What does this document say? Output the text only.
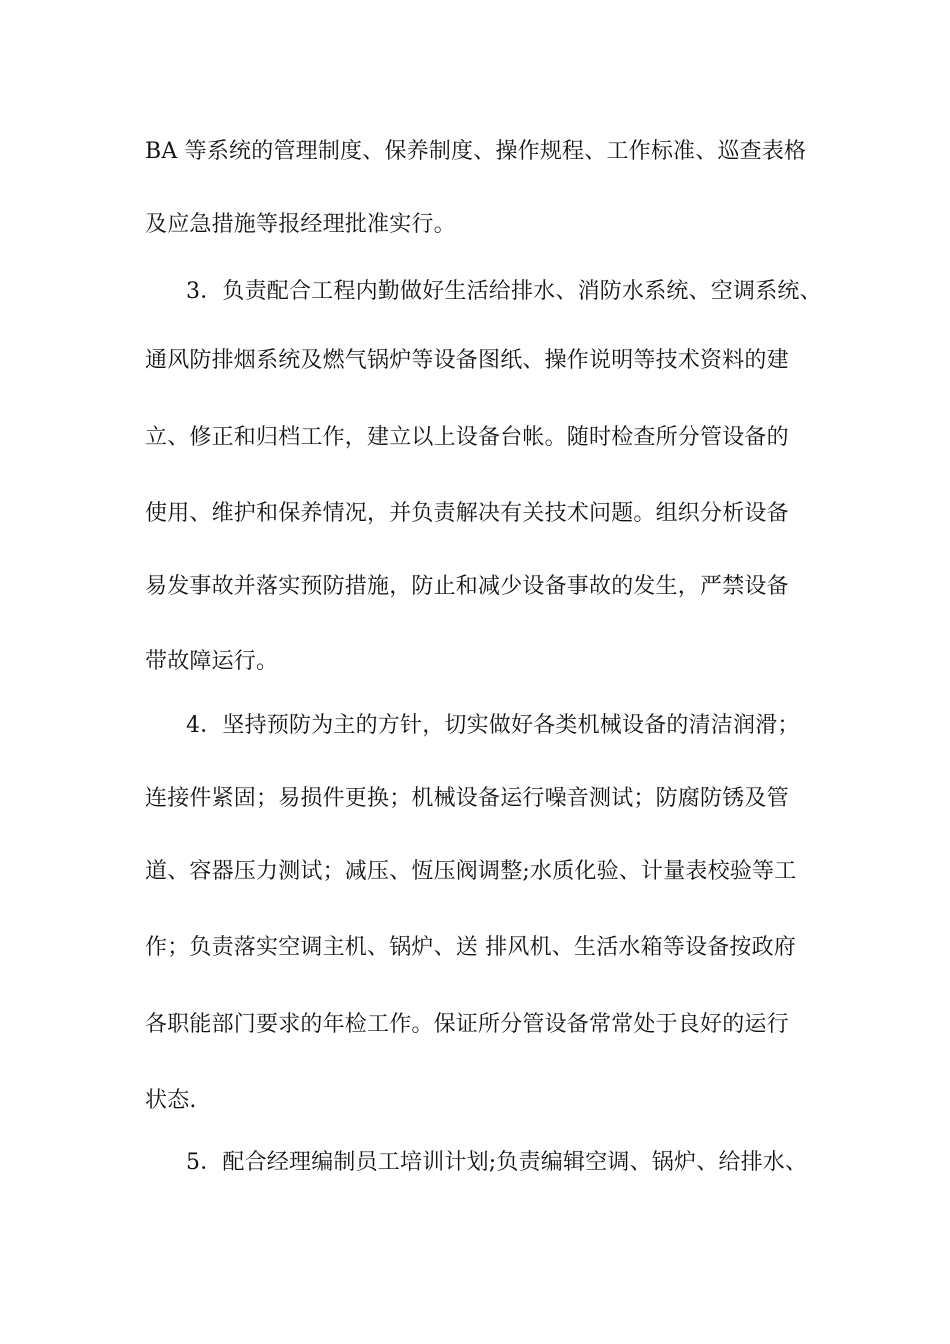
BA 等系统的管理制度、保养制度、操作规程、工作标准、巡查表格
及应急措施等报经理批准实行。
3．负责配合工程内勤做好生活给排水、消防水系统、空调系统、
通风防排烟系统及燃气锅炉等设备图纸、操作说明等技术资料的建
立、修正和归档工作，建立以上设备台帐。随时检查所分管设备的
使用、维护和保养情况，并负责解决有关技术问题。组织分析设备
易发事故并落实预防措施，防止和减少设备事故的发生，严禁设备
带故障运行。
4．坚持预防为主的方针，切实做好各类机械设备的清洁润滑；
连接件紧固；易损件更换；机械设备运行噪音测试；防腐防锈及管
道、容器压力测试；减压、恆压阀调整;水质化验、计量表校验等工
作；负责落实空调主机、锅炉、送 排风机、生活水箱等设备按政府
各职能部门要求的年检工作。保证所分管设备常常处于良好的运行
状态.
5．配合经理编制员工培训计划;负责编辑空调、锅炉、给排水、
